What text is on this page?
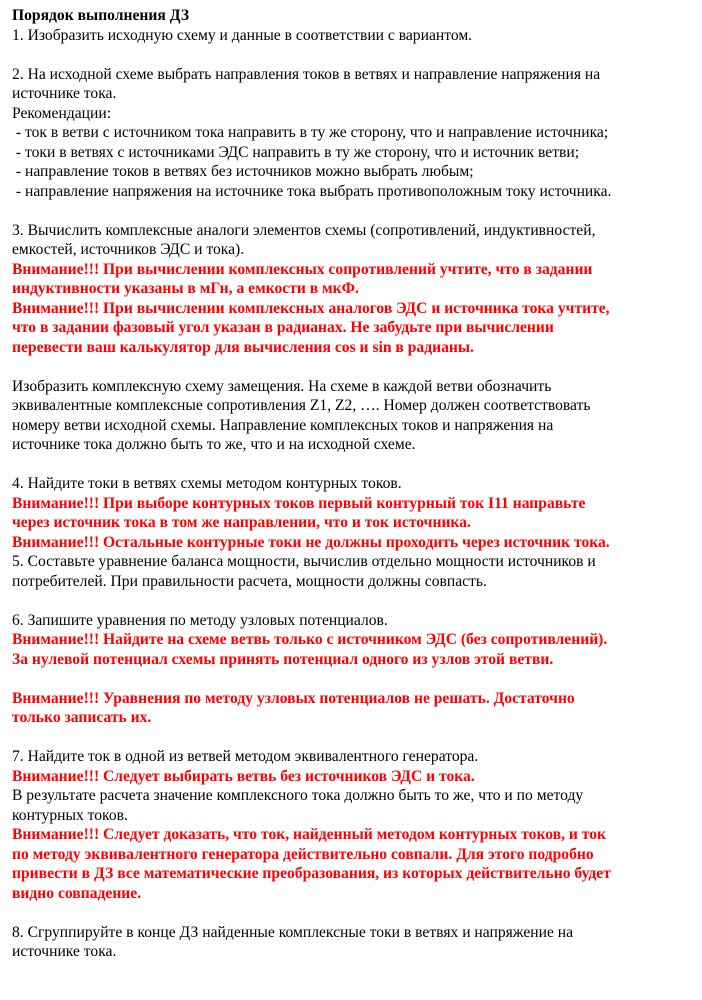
Порядок выполнения ДЗ
1. Изобразить исходную схему и данные в соответствии с вариантом.
2. На исходной схеме выбрать направления токов в ветвях и направление напряжения на
источнике тока.
Рекомендации:
- ток в ветви с источником тока направить в ту же сторону, что и направление источника;
- токи в ветвях с источниками ЭДС направить в ту же сторону, что и источник ветви;
- направление токов в ветвях без источников можно выбрать любым;
- направление напряжения на источнике тока выбрать противоположным току источника.
3. Вычислить комплексные аналоги элементов схемы (сопротивлений, индуктивностей,
емкостей, источников ЭДС и тока).
Внимание!!! При вычислении комплексных сопротивлений учтите, что в задании
индуктивности указаны в мГн, а емкости в мкФ.
Внимание!!! При вычислении комплексных аналогов ЭДС и источника тока учтите,
что в задании фазовый угол указан в радианах. Не забудьте при вычислении
перевести ваш калькулятор для вычисления cos и sin в радианы.
Изобразить комплексную схему замещения. На схеме в каждой ветви обозначить
эквивалентные комплексные сопротивления Z1, Z2, …. Номер должен соответствовать
номеру ветви исходной схемы. Направление комплексных токов и напряжения на
источнике тока должно быть то же, что и на исходной схеме.
4. Найдите токи в ветвях схемы методом контурных токов.
Внимание!!! При выборе контурных токов первый контурный ток I11 направьте
через источник тока в том же направлении, что и ток источника.
Внимание!!! Остальные контурные токи не должны проходить через источник тока.
5. Составьте уравнение баланса мощности, вычислив отдельно мощности источников и
потребителей. При правильности расчета, мощности должны совпасть.
6. Запишите уравнения по методу узловых потенциалов.
Внимание!!! Найдите на схеме ветвь только с источником ЭДС (без сопротивлений).
За нулевой потенциал схемы принять потенциал одного из узлов этой ветви.
Внимание!!! Уравнения по методу узловых потенциалов не решать. Достаточно
только записать их.
7. Найдите ток в одной из ветвей методом эквивалентного генератора.
Внимание!!! Следует выбирать ветвь без источников ЭДС и тока.
В результате расчета значение комплексного тока должно быть то же, что и по методу
контурных токов.
Внимание!!! Следует доказать, что ток, найденный методом контурных токов, и ток
по методу эквивалентного генератора действительно совпали. Для этого подробно
привести в ДЗ все математические преобразования, из которых действительно будет
видно совпадение.
8. Сгруппируйте в конце ДЗ найденные комплексные токи в ветвях и напряжение на
источнике тока.
